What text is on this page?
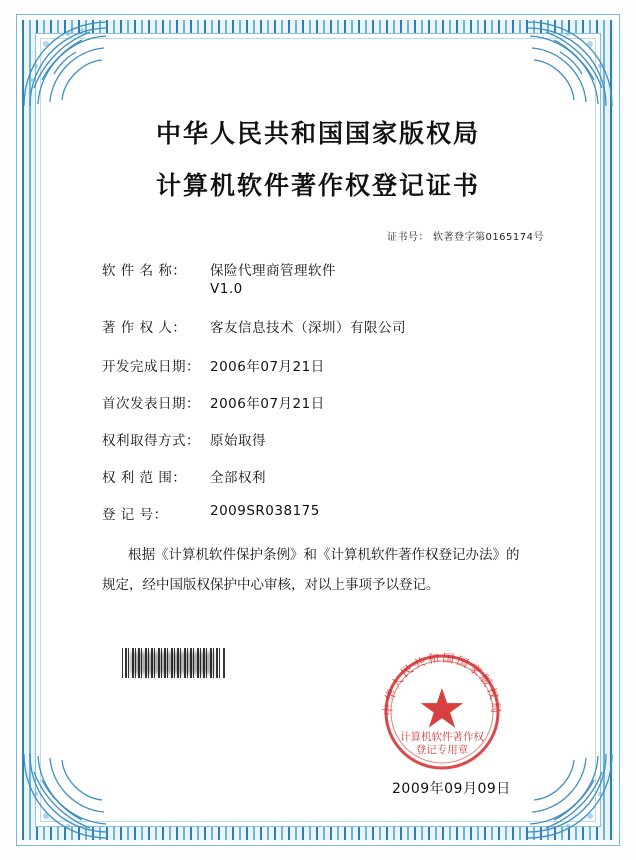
中华人民共和国国家版权局
计算机软件著作权登记证书
证书号： 软著登字第0165174号
软 件 名 称：	保险代理商管理软件
V1.0
著 作 权 人：	客友信息技术（深圳）有限公司
开发完成日期： 2006年07月21日
首次发表日期： 2006年07月21日
权利取得方式： 原始取得
权 利 范 围：	全部权利
登 记 号：	2009SR038175
根据《计算机软件保护条例》和《计算机软件著作权登记办法》的
规定，经中国版权保护中心审核，对以上事项予以登记。
中华人民共和国国家版权局
计算机软件著作权
登记专用章
2009年09月09日
